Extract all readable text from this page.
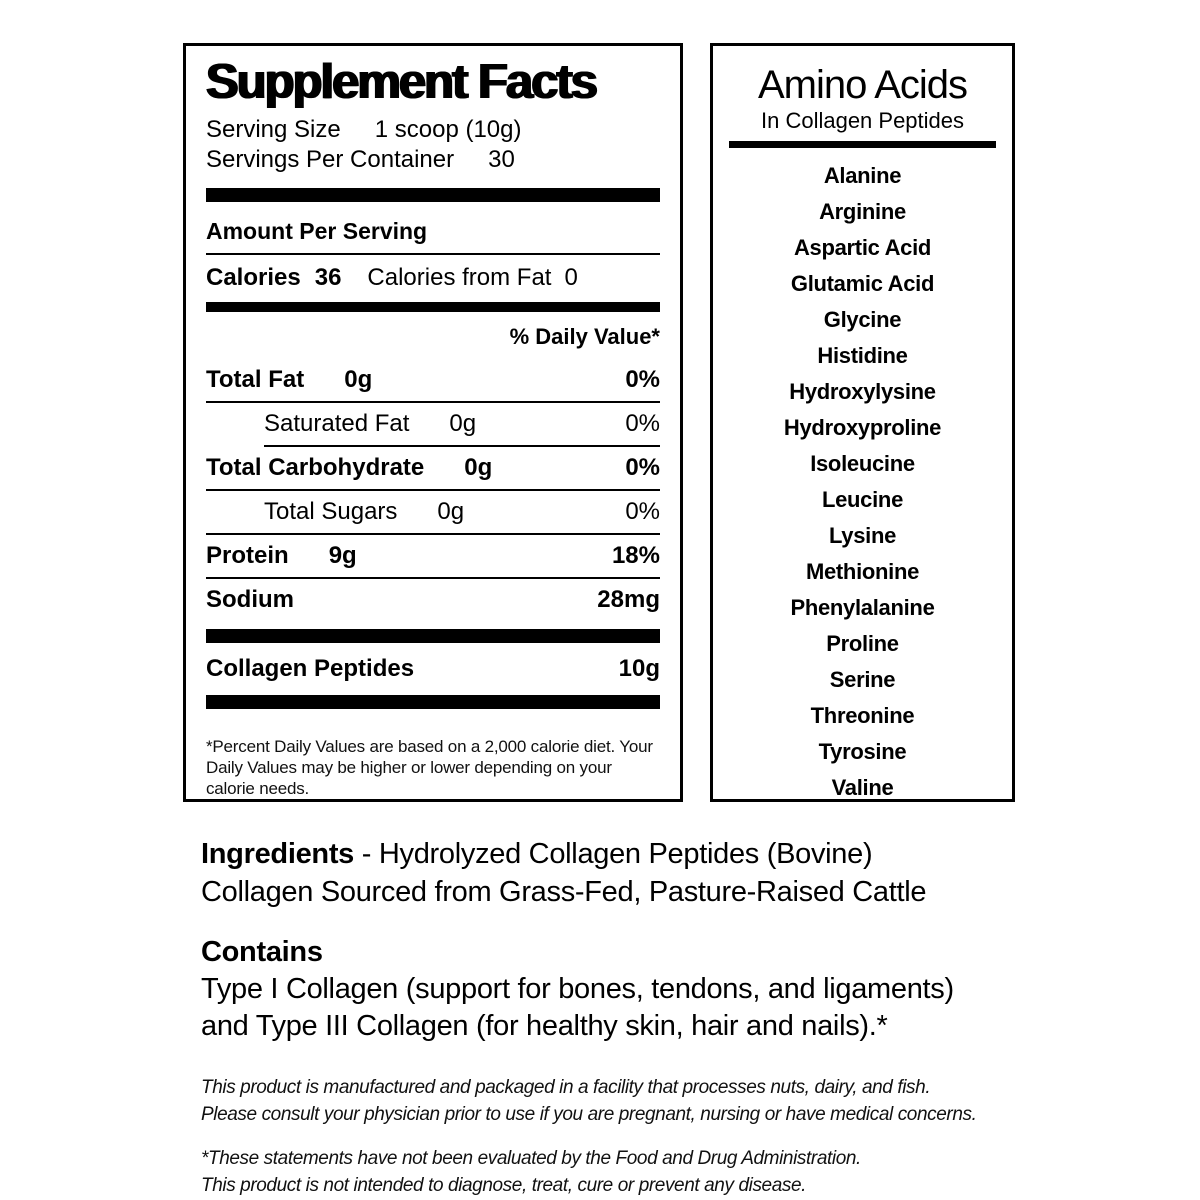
Supplement Facts
Serving Size 1 scoop (10g)
Servings Per Container 30
Amount Per Serving
Calories 36 Calories from Fat 0
% Daily Value*
Total Fat 0g	0%
Saturated Fat 0g	0%
Total Carbohydrate 0g	0%
Total Sugars 0g	0%
Protein 9g	18%
Sodium	28mg
Collagen Peptides	10g
*Percent Daily Values are based on a 2,000 calorie diet. Your Daily Values may be higher or lower depending on your calorie needs.
Amino Acids
In Collagen Peptides
Alanine
Arginine
Aspartic Acid
Glutamic Acid
Glycine
Histidine
Hydroxylysine
Hydroxyproline
Isoleucine
Leucine
Lysine
Methionine
Phenylalanine
Proline
Serine
Threonine
Tyrosine
Valine
Ingredients - Hydrolyzed Collagen Peptides (Bovine)
Collagen Sourced from Grass-Fed, Pasture-Raised Cattle
Contains
Type I Collagen (support for bones, tendons, and ligaments)
and Type III Collagen (for healthy skin, hair and nails).*
This product is manufactured and packaged in a facility that processes nuts, dairy, and fish.
Please consult your physician prior to use if you are pregnant, nursing or have medical concerns.
*These statements have not been evaluated by the Food and Drug Administration.
This product is not intended to diagnose, treat, cure or prevent any disease.
